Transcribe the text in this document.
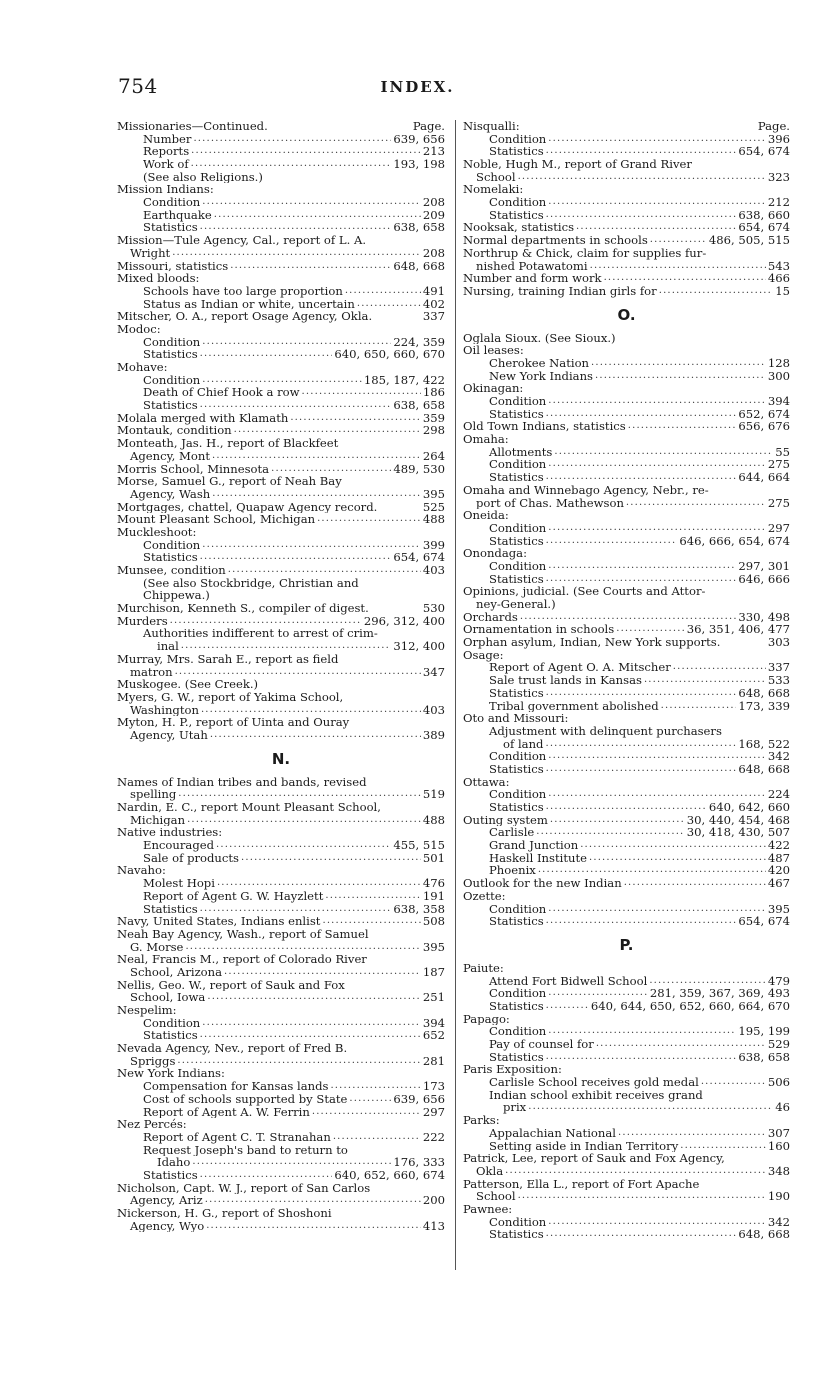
754	INDEX.
Missionaries—Continued.	Page.
Number . . .	639, 656
Reports . . .	213
Work of . . .	193, 198
(See also Religions.)
Mission Indians:
Condition . . .	208
Earthquake . . .	209
Statistics . . .	638, 658
Mission—Tule Agency, Cal., report of L. A.
Wright . . .	208
Missouri, statistics . . .	648, 668
Mixed bloods:
Schools have too large proportion . . .	491
Status as Indian or white, uncertain . . .	402
Mitscher, O. A., report Osage Agency, Okla.	337
Modoc:
Condition . . .	224, 359
Statistics . . .	640, 650, 660, 670
Mohave:
Condition . . .	185, 187, 422
Death of Chief Hook a row . . .	186
Statistics . . .	638, 658
Molala merged with Klamath . . .	359
Montauk, condition . . .	298
Monteath, Jas. H., report of Blackfeet
Agency, Mont . . .	264
Morris School, Minnesota . . .	489, 530
Morse, Samuel G., report of Neah Bay
Agency, Wash . . .	395
Mortgages, chattel, Quapaw Agency record.	525
Mount Pleasant School, Michigan . . .	488
Muckleshoot:
Condition . . .	399
Statistics . . .	654, 674
Munsee, condition . . .	403
(See also Stockbridge, Christian and
Chippewa.)
Murchison, Kenneth S., compiler of digest.	530
Murders . . .	296, 312, 400
Authorities indifferent to arrest of crim-
inal . . .	312, 400
Murray, Mrs. Sarah E., report as field
matron . . .	347
Muskogee. (See Creek.)
Myers, G. W., report of Yakima School,
Washington . . .	403
Myton, H. P., report of Uinta and Ouray
Agency, Utah . . .	389
N.
Names of Indian tribes and bands, revised
spelling . . .	519
Nardin, E. C., report Mount Pleasant School,
Michigan . . .	488
Native industries:
Encouraged . . .	455, 515
Sale of products . . .	501
Navaho:
Molest Hopi . . .	476
Report of Agent G. W. Hayzlett . . .	191
Statistics . . .	638, 358
Navy, United States, Indians enlist . . .	508
Neah Bay Agency, Wash., report of Samuel
G. Morse . . .	395
Neal, Francis M., report of Colorado River
School, Arizona . . .	187
Nellis, Geo. W., report of Sauk and Fox
School, Iowa . . .	251
Nespelim:
Condition . . .	394
Statistics . . .	652
Nevada Agency, Nev., report of Fred B.
Spriggs . . .	281
New York Indians:
Compensation for Kansas lands . . .	173
Cost of schools supported by State . . .	639, 656
Report of Agent A. W. Ferrin . . .	297
Nez Percés:
Report of Agent C. T. Stranahan . . .	222
Request Joseph's band to return to
Idaho . . .	176, 333
Statistics . . .	640, 652, 660, 674
Nicholson, Capt. W. J., report of San Carlos
Agency, Ariz . . .	200
Nickerson, H. G., report of Shoshoni
Agency, Wyo . . .	413
Nisqualli:	Page.
Condition . . .	396
Statistics . . .	654, 674
Noble, Hugh M., report of Grand River
School . . .	323
Nomelaki:
Condition . . .	212
Statistics . . .	638, 660
Nooksak, statistics . . .	654, 674
Normal departments in schools . . .	486, 505, 515
Northrup & Chick, claim for supplies fur-
nished Potawatomi . . .	543
Number and form work . . .	466
Nursing, training Indian girls for . . .	15
O.
Oglala Sioux. (See Sioux.)
Oil leases:
Cherokee Nation . . .	128
New York Indians . . .	300
Okinagan:
Condition . . .	394
Statistics . . .	652, 674
Old Town Indians, statistics . . .	656, 676
Omaha:
Allotments . . .	55
Condition . . .	275
Statistics . . .	644, 664
Omaha and Winnebago Agency, Nebr., re-
port of Chas. Mathewson . . .	275
Oneida:
Condition . . .	297
Statistics . . .	646, 666, 654, 674
Onondaga:
Condition . . .	297, 301
Statistics . . .	646, 666
Opinions, judicial. (See Courts and Attor-
ney-General.)
Orchards . . .	330, 498
Ornamentation in schools . . .	36, 351, 406, 477
Orphan asylum, Indian, New York supports.	303
Osage:
Report of Agent O. A. Mitscher . . .	337
Sale trust lands in Kansas . . .	533
Statistics . . .	648, 668
Tribal government abolished . . .	173, 339
Oto and Missouri:
Adjustment with delinquent purchasers
of land . . .	168, 522
Condition . . .	342
Statistics . . .	648, 668
Ottawa:
Condition . . .	224
Statistics . . .	640, 642, 660
Outing system . . .	30, 440, 454, 468
Carlisle . . .	30, 418, 430, 507
Grand Junction . . .	422
Haskell Institute . . .	487
Phoenix . . .	420
Outlook for the new Indian . . .	467
Ozette:
Condition . . .	395
Statistics . . .	654, 674
P.
Paiute:
Attend Fort Bidwell School . . .	479
Condition . . .	281, 359, 367, 369, 493
Statistics . . .	640, 644, 650, 652, 660, 664, 670
Papago:
Condition . . .	195, 199
Pay of counsel for . . .	529
Statistics . . .	638, 658
Paris Exposition:
Carlisle School receives gold medal . . .	506
Indian school exhibit receives grand
prix . . .	46
Parks:
Appalachian National . . .	307
Setting aside in Indian Territory . . .	160
Patrick, Lee, report of Sauk and Fox Agency,
Okla . . .	348
Patterson, Ella L., report of Fort Apache
School . . .	190
Pawnee:
Condition . . .	342
Statistics . . .	648, 668
